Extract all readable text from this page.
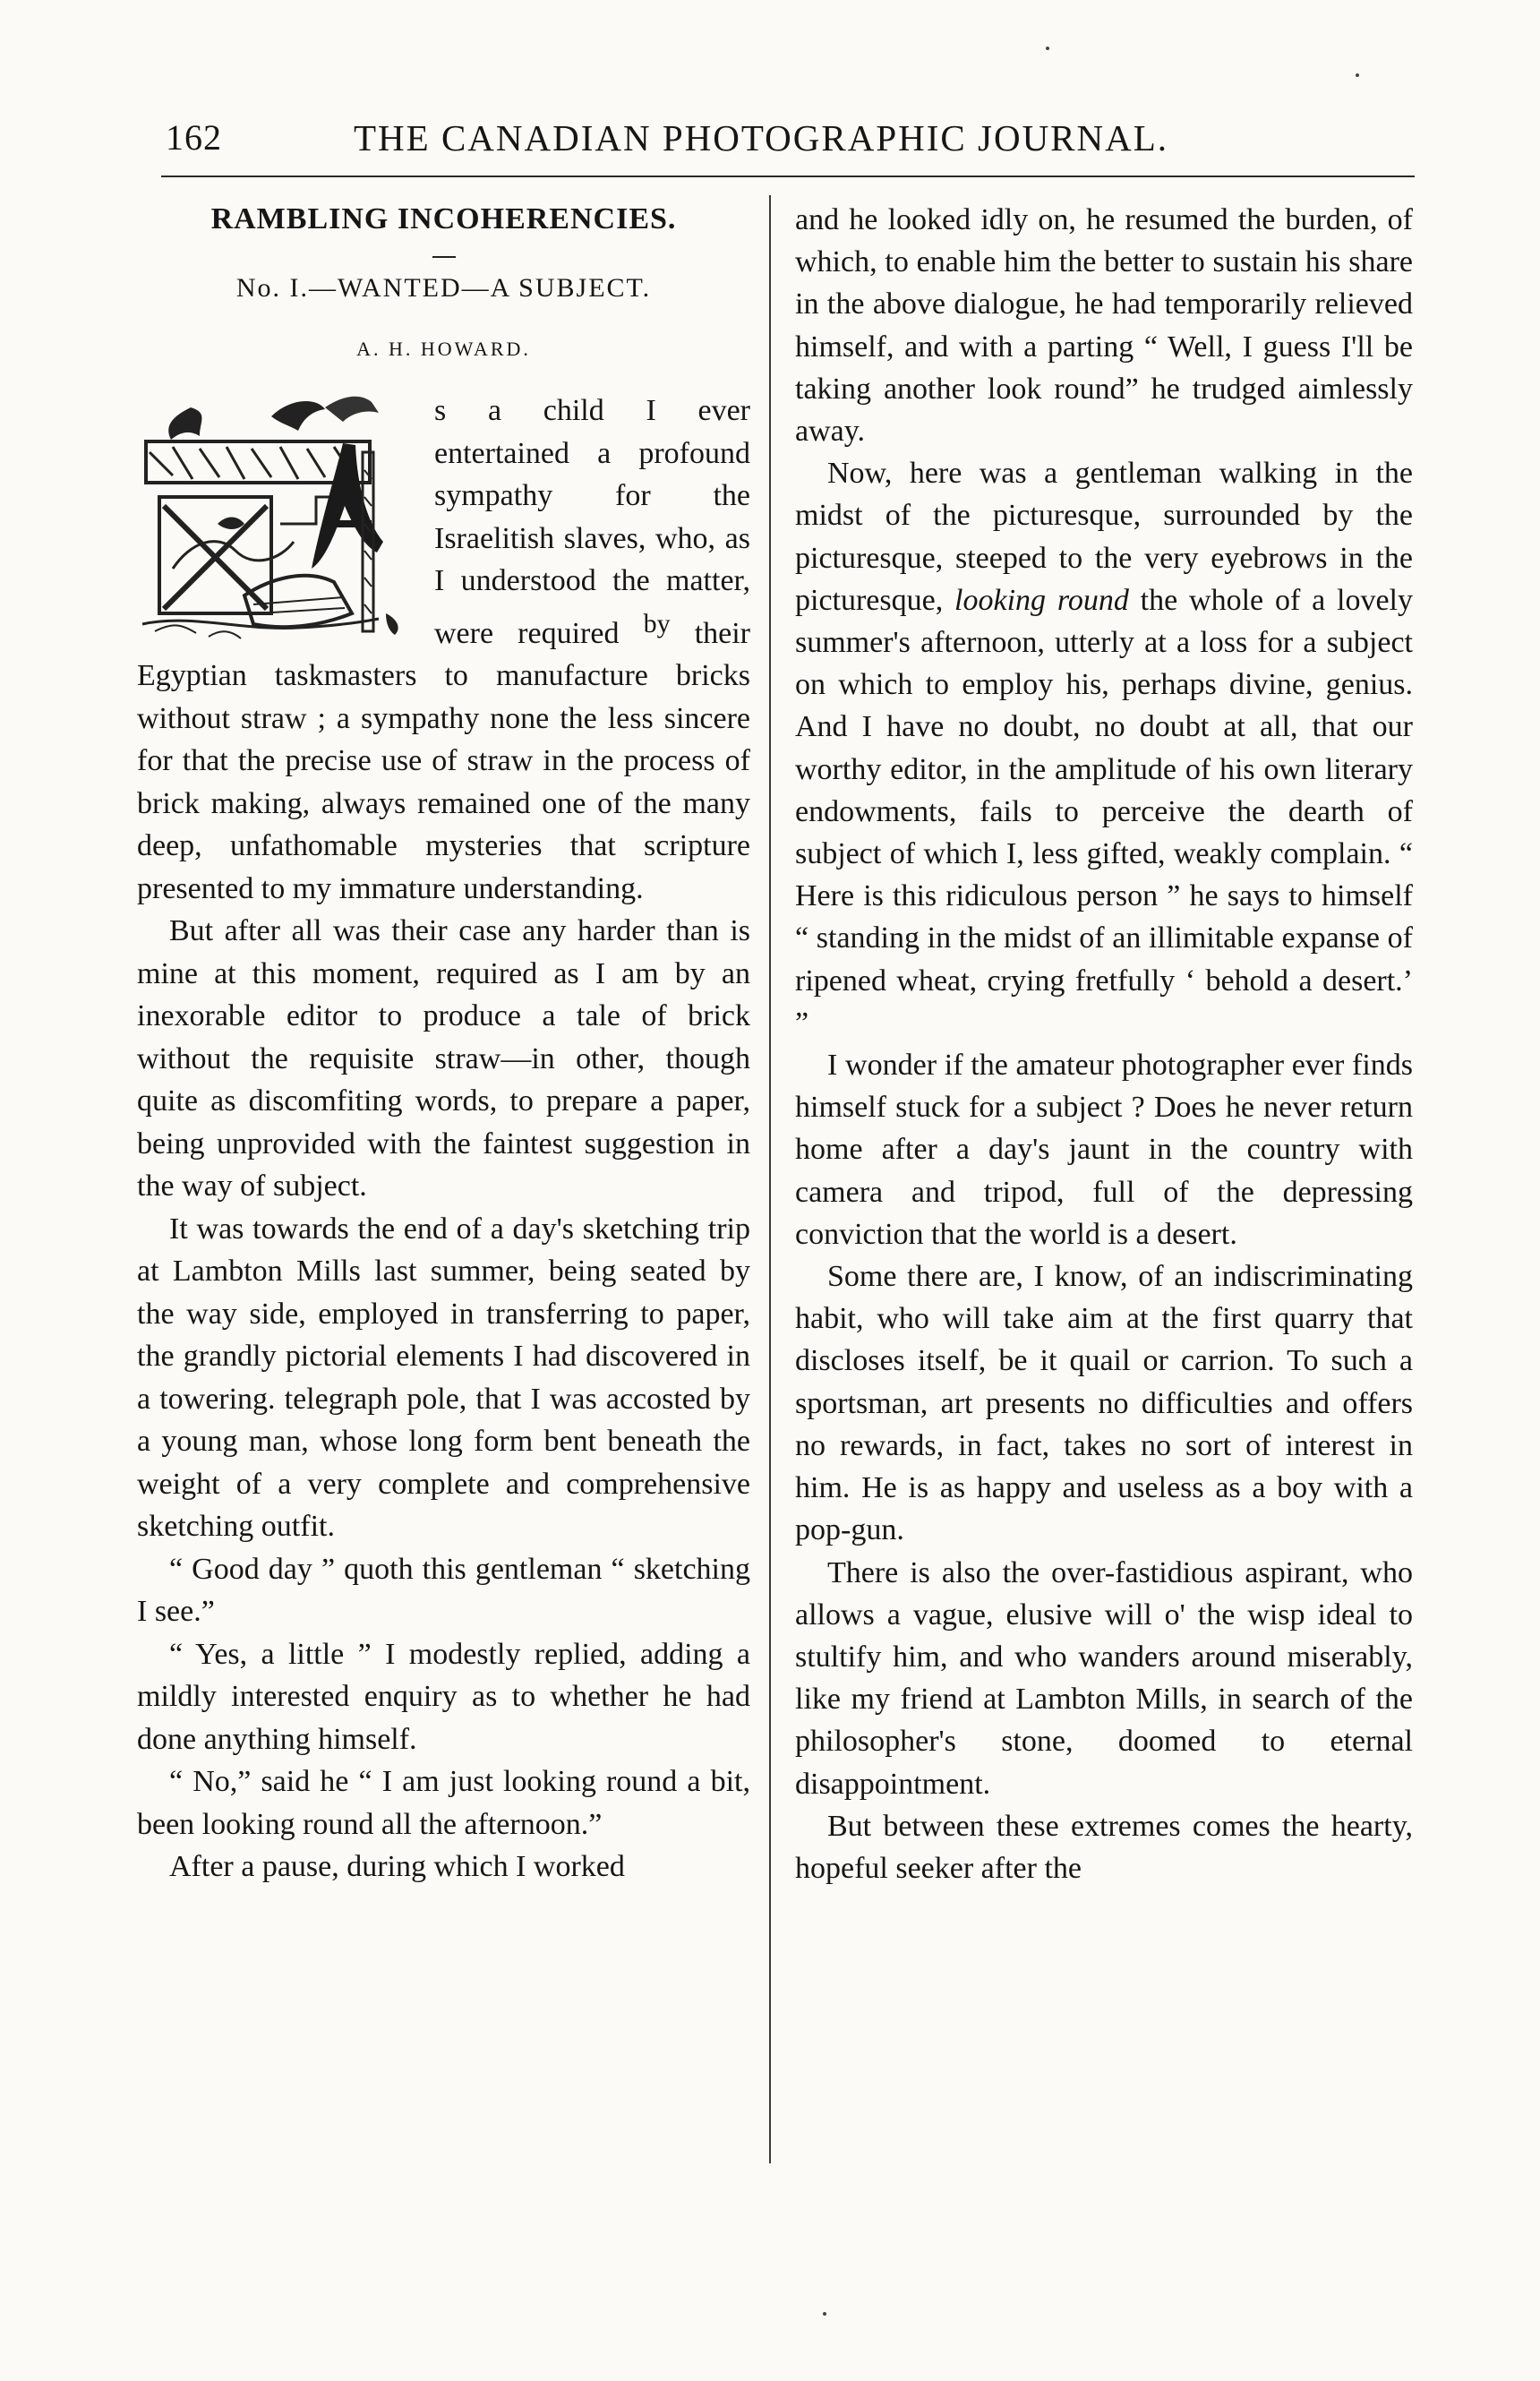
162	THE CANADIAN PHOTOGRAPHIC JOURNAL.
RAMBLING INCOHERENCIES.

No. I.—WANTED—A SUBJECT.

A. H. HOWARD.

s a child I ever entertained a profound sympathy for the Israelitish slaves, who, as I understood the matter, were required by their Egyptian taskmasters to manufacture bricks without straw ; a sympathy none the less sincere for that the precise use of straw in the process of brick making, always remained one of the many deep, unfathomable mysteries that scripture presented to my immature understanding.

But after all was their case any harder than is mine at this moment, required as I am by an inexorable editor to produce a tale of brick without the requisite straw—in other, though quite as discomfiting words, to prepare a paper, being unprovided with the faintest suggestion in the way of subject.

It was towards the end of a day's sketching trip at Lambton Mills last summer, being seated by the way side, employed in transferring to paper, the grandly pictorial elements I had discovered in a towering. telegraph pole, that I was accosted by a young man, whose long form bent beneath the weight of a very complete and comprehensive sketching outfit.

“ Good day ” quoth this gentleman “ sketching I see.”

“ Yes, a little ” I modestly replied, adding a mildly interested enquiry as to whether he had done anything himself.

“ No,” said he “ I am just looking round a bit, been looking round all the afternoon.”

After a pause, during which I worked

and he looked idly on, he resumed the burden, of which, to enable him the better to sustain his share in the above dialogue, he had temporarily relieved himself, and with a parting “ Well, I guess I'll be taking another look round” he trudged aimlessly away.

Now, here was a gentleman walking in the midst of the picturesque, surrounded by the picturesque, steeped to the very eyebrows in the picturesque, looking round the whole of a lovely summer's afternoon, utterly at a loss for a subject on which to employ his, perhaps divine, genius. And I have no doubt, no doubt at all, that our worthy editor, in the amplitude of his own literary endowments, fails to perceive the dearth of subject of which I, less gifted, weakly complain. “ Here is this ridiculous person ” he says to himself “ standing in the midst of an illimitable expanse of ripened wheat, crying fretfully ‘ behold a desert.’ ”

I wonder if the amateur photographer ever finds himself stuck for a subject ? Does he never return home after a day's jaunt in the country with camera and tripod, full of the depressing conviction that the world is a desert.

Some there are, I know, of an indiscriminating habit, who will take aim at the first quarry that discloses itself, be it quail or carrion. To such a sportsman, art presents no difficulties and offers no rewards, in fact, takes no sort of interest in him. He is as happy and useless as a boy with a pop-gun.

There is also the over-fastidious aspirant, who allows a vague, elusive will o' the wisp ideal to stultify him, and who wanders around miserably, like my friend at Lambton Mills, in search of the philosopher's stone, doomed to eternal disappointment.

But between these extremes comes the hearty, hopeful seeker after the
